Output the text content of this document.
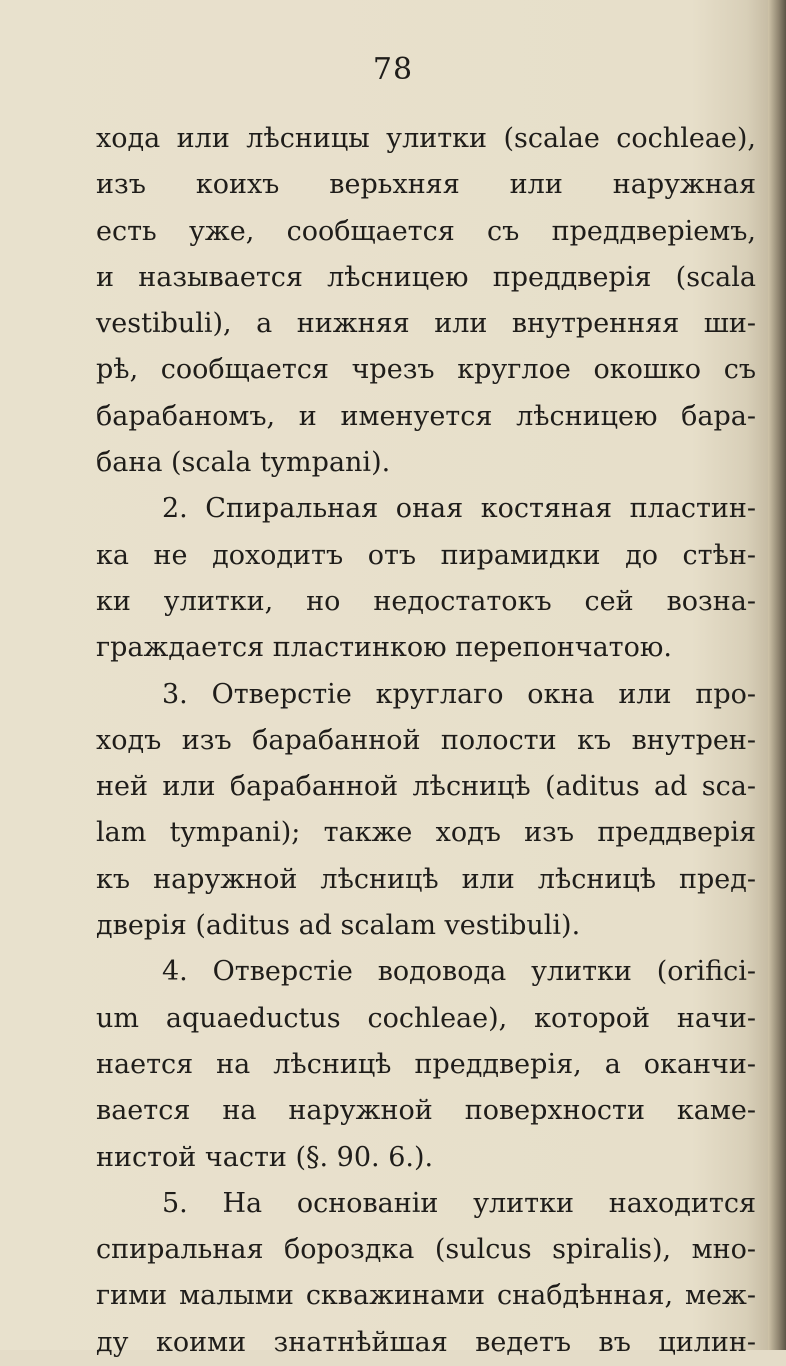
78
хода или лѣсницы улитки (scalae cochleae),
изъ коихъ верьхняя или наружная
есть уже, сообщается съ преддверіемъ,
и называется лѣсницею преддверія (scala
vestibuli), а нижняя или внутренняя ши-
рѣ, сообщается чрезъ круглое окошко съ
барабаномъ, и именуется лѣсницею бара-
бана (scala tympani).
2. Спиральная оная костяная пластин-
ка не доходитъ отъ пирамидки до стѣн-
ки улитки, но недостатокъ сей возна-
граждается пластинкою перепончатою.
3. Отверстіе круглаго окна или про-
ходъ изъ барабанной полости къ внутрен-
ней или барабанной лѣсницѣ (aditus ad sca-
lam tympani); также ходъ изъ преддверія
къ наружной лѣсницѣ или лѣсницѣ пред-
дверія (aditus ad scalam vestibuli).
4. Отверстіе водовода улитки (orifici-
um aquaeductus cochleae), которой начи-
нается на лѣсницѣ преддверія, а оканчи-
вается на наружной поверхности каме-
нистой части (§. 90. 6.).
5. На основаніи улитки находится
спиральная бороздка (sulcus spiralis), мно-
гими малыми скважинами снабдѣнная, меж-
ду коими знатнѣйшая ведетъ въ цилин-
